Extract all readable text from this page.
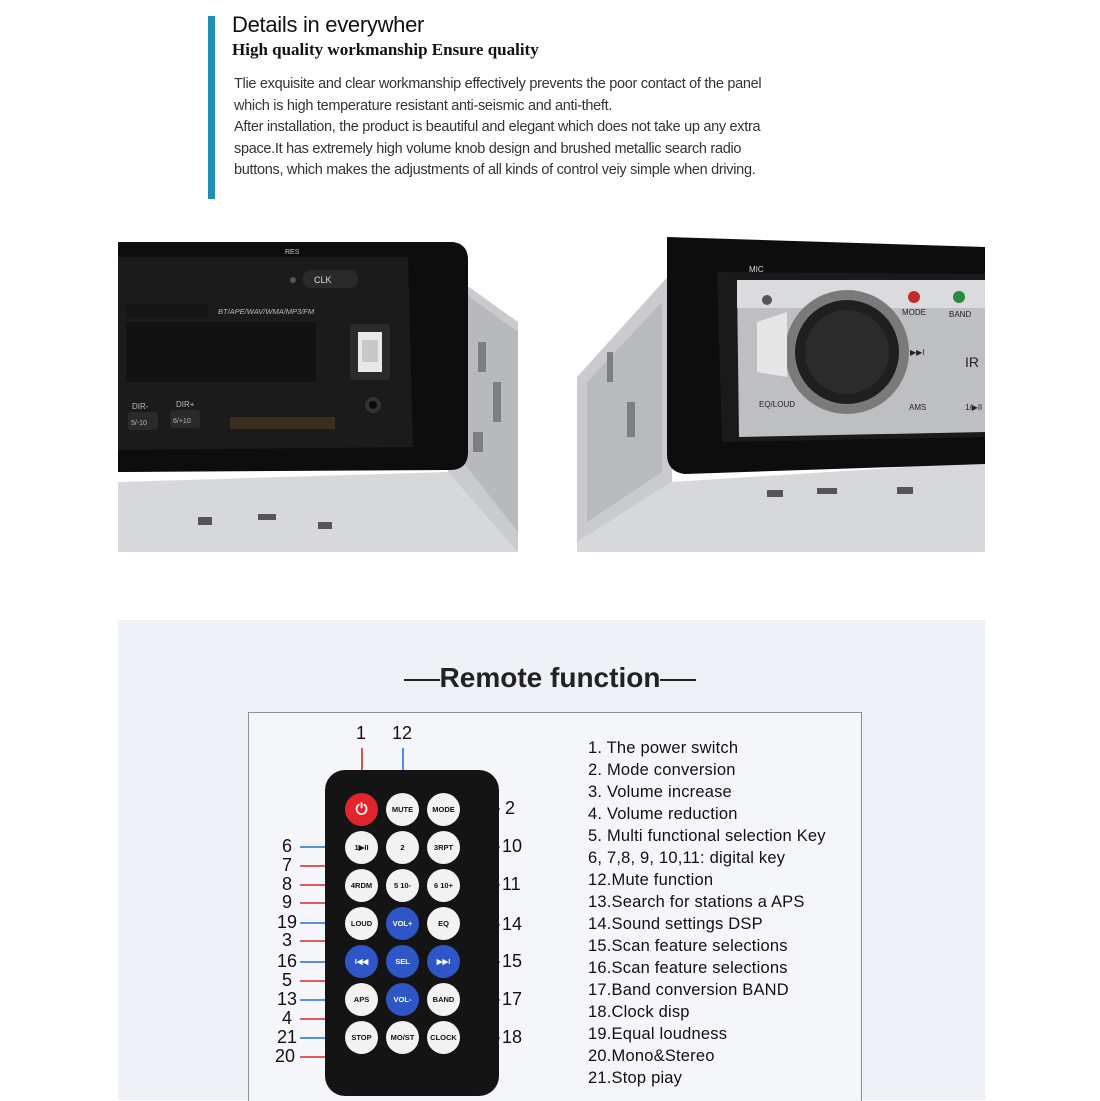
Details in everywher
High quality workmanship Ensure quality

Tlie exquisite and clear workmanship effectively prevents the poor contact of the panel which is high temperature resistant anti-seismic and anti-theft.

After installation, the product is beautiful and elegant which does not take up any extra space.It has extremely high volume knob design and brushed metallic search radio buttons, which makes the adjustments of all kinds of control veiy simple when driving.

RES
CLK
BT/APE/WAV/WMA/MP3/FM
DIR-
5/-10
DIR+
6/+10
MIC
MODE	BAND
▶▶I
IR
EQ/LOUD	AMS	1/▶II
Remote function
⏻	MUTE	MODE
1▶II	2	3RPT
4RDM	5 10-	6 10+
LOUD	VOL+	EQ
I◀◀	SEL	▶▶I
APS	VOL-	BAND
STOP	MO/ST	CLOCK
1 12
2
6	10
7
8	11
9
19	14
3
16	15
5
13	17
4
21	18
20
1. The power switch
2. Mode conversion
3. Volume increase
4. Volume reduction
5. Multi functional selection Key
6, 7,8, 9, 10,11: digital key
12.Mute function
13.Search for stations a APS
14.Sound settings DSP
15.Scan feature selections
16.Scan feature selections
17.Band conversion BAND
18.Clock disp
19.Equal loudness
20.Mono&Stereo
21.Stop piay
